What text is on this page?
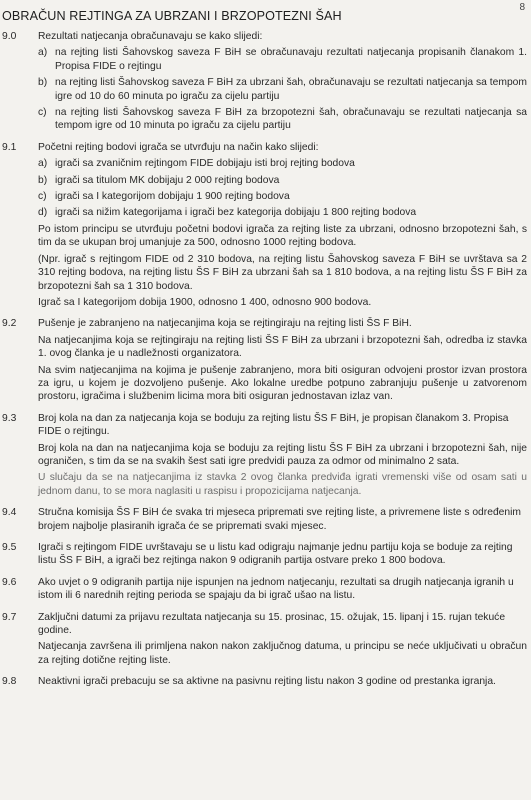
8
OBRAČUN REJTINGA ZA UBRZANI I BRZOPOTEZNI ŠAH
9.0 Rezultati natjecanja obračunavaju se kako slijedi:
a) na rejting listi Šahovskog saveza F BiH se obračunavaju rezultati natjecanja propisanih članakom 1. Propisa FIDE o rejtingu
b) na rejting listi Šahovskog saveza F BiH za ubrzani šah, obračunavaju se rezultati natjecanja sa tempom igre od 10 do 60 minuta po igraču za cijelu partiju
c) na rejting listi Šahovskog saveza F BiH za brzopotezni šah, obračunavaju se rezultati natjecanja sa tempom igre od 10 minuta po igraču za cijelu partiju
9.1 Početni rejting bodovi igrača se utvrđuju na način kako slijedi:
a) igrači sa zvaničnim rejtingom FIDE dobijaju isti broj rejting bodova
b) igrači sa titulom MK dobijaju 2 000 rejting bodova
c) igrači sa I kategorijom dobijaju 1 900 rejting bodova
d) igrači sa nižim kategorijama i igrači bez kategorija dobijaju 1 800 rejting bodova
Po istom principu se utvrđuju početni bodovi igrača za rejting liste za ubrzani, odnosno brzopotezni šah, s tim da se ukupan broj umanjuje za 500, odnosno 1000 rejting bodova.
(Npr. igrač s rejtingom FIDE od 2 310 bodova, na rejting listu Šahovskog saveza F BiH se uvrštava sa 2 310 rejting bodova, na rejting listu ŠS F BiH za ubrzani šah sa 1 810 bodova, a na rejting listu ŠS F BiH za brzopotezni šah sa 1 310 bodova.
Igrač sa I kategorijom dobija 1900, odnosno 1 400, odnosno 900 bodova.
9.2 Pušenje je zabranjeno na natjecanjima koja se rejtingiraju na rejting listi ŠS F BiH.
Na natjecanjima koja se rejtingiraju na rejting listi ŠS F BiH za ubrzani i brzopotezni šah, odredba iz stavka 1. ovog članka je u nadležnosti organizatora.
Na svim natjecanjima na kojima je pušenje zabranjeno, mora biti osiguran odvojeni prostor izvan prostora za igru, u kojem je dozvoljeno pušenje. Ako lokalne uredbe potpuno zabranjuju pušenje u zatvorenom prostoru, igračima i službenim licima mora biti osiguran jednostavan izlaz van.
9.3 Broj kola na dan za natjecanja koja se boduju za rejting listu ŠS F BiH, je propisan članakom 3. Propisa FIDE o rejtingu.
Broj kola na dan na natjecanjima koja se boduju za rejting listu ŠS F BiH za ubrzani i brzopotezni šah, nije ograničen, s tim da se na svakih šest sati igre predvidi pauza za odmor od minimalno 2 sata.
U slučaju da se na natjecanjima iz stavka 2 ovog članka predviđa igrati vremenski više od osam sati u jednom danu, to se mora naglasiti u raspisu i propozicijama natjecanja.
9.4 Stručna komisija ŠS F BiH će svaka tri mjeseca pripremati sve rejting liste, a privremene liste s određenim brojem najbolje plasiranih igrača će se pripremati svaki mjesec.
9.5 Igrači s rejtingom FIDE uvrštavaju se u listu kad odigraju najmanje jednu partiju koja se boduje za rejting listu ŠS F BiH, a igrači bez rejtinga nakon 9 odigranih partija ostvare preko 1 800 bodova.
9.6 Ako uvjet o 9 odigranih partija nije ispunjen na jednom natjecanju, rezultati sa drugih natjecanja igranih u istom ili 6 narednih rejting perioda se spajaju da bi igrač ušao na listu.
9.7 Zaključni datumi za prijavu rezultata natjecanja su 15. prosinac, 15. ožujak, 15. lipanj i 15. rujan tekuće godine.
Natjecanja završena ili primljena nakon nakon zaključnog datuma, u principu se neće uključivati u obračun za rejting dotične rejting liste.
9.8 Neaktivni igrači prebacuju se sa aktivne na pasivnu rejting listu nakon 3 godine od prestanka igranja.
